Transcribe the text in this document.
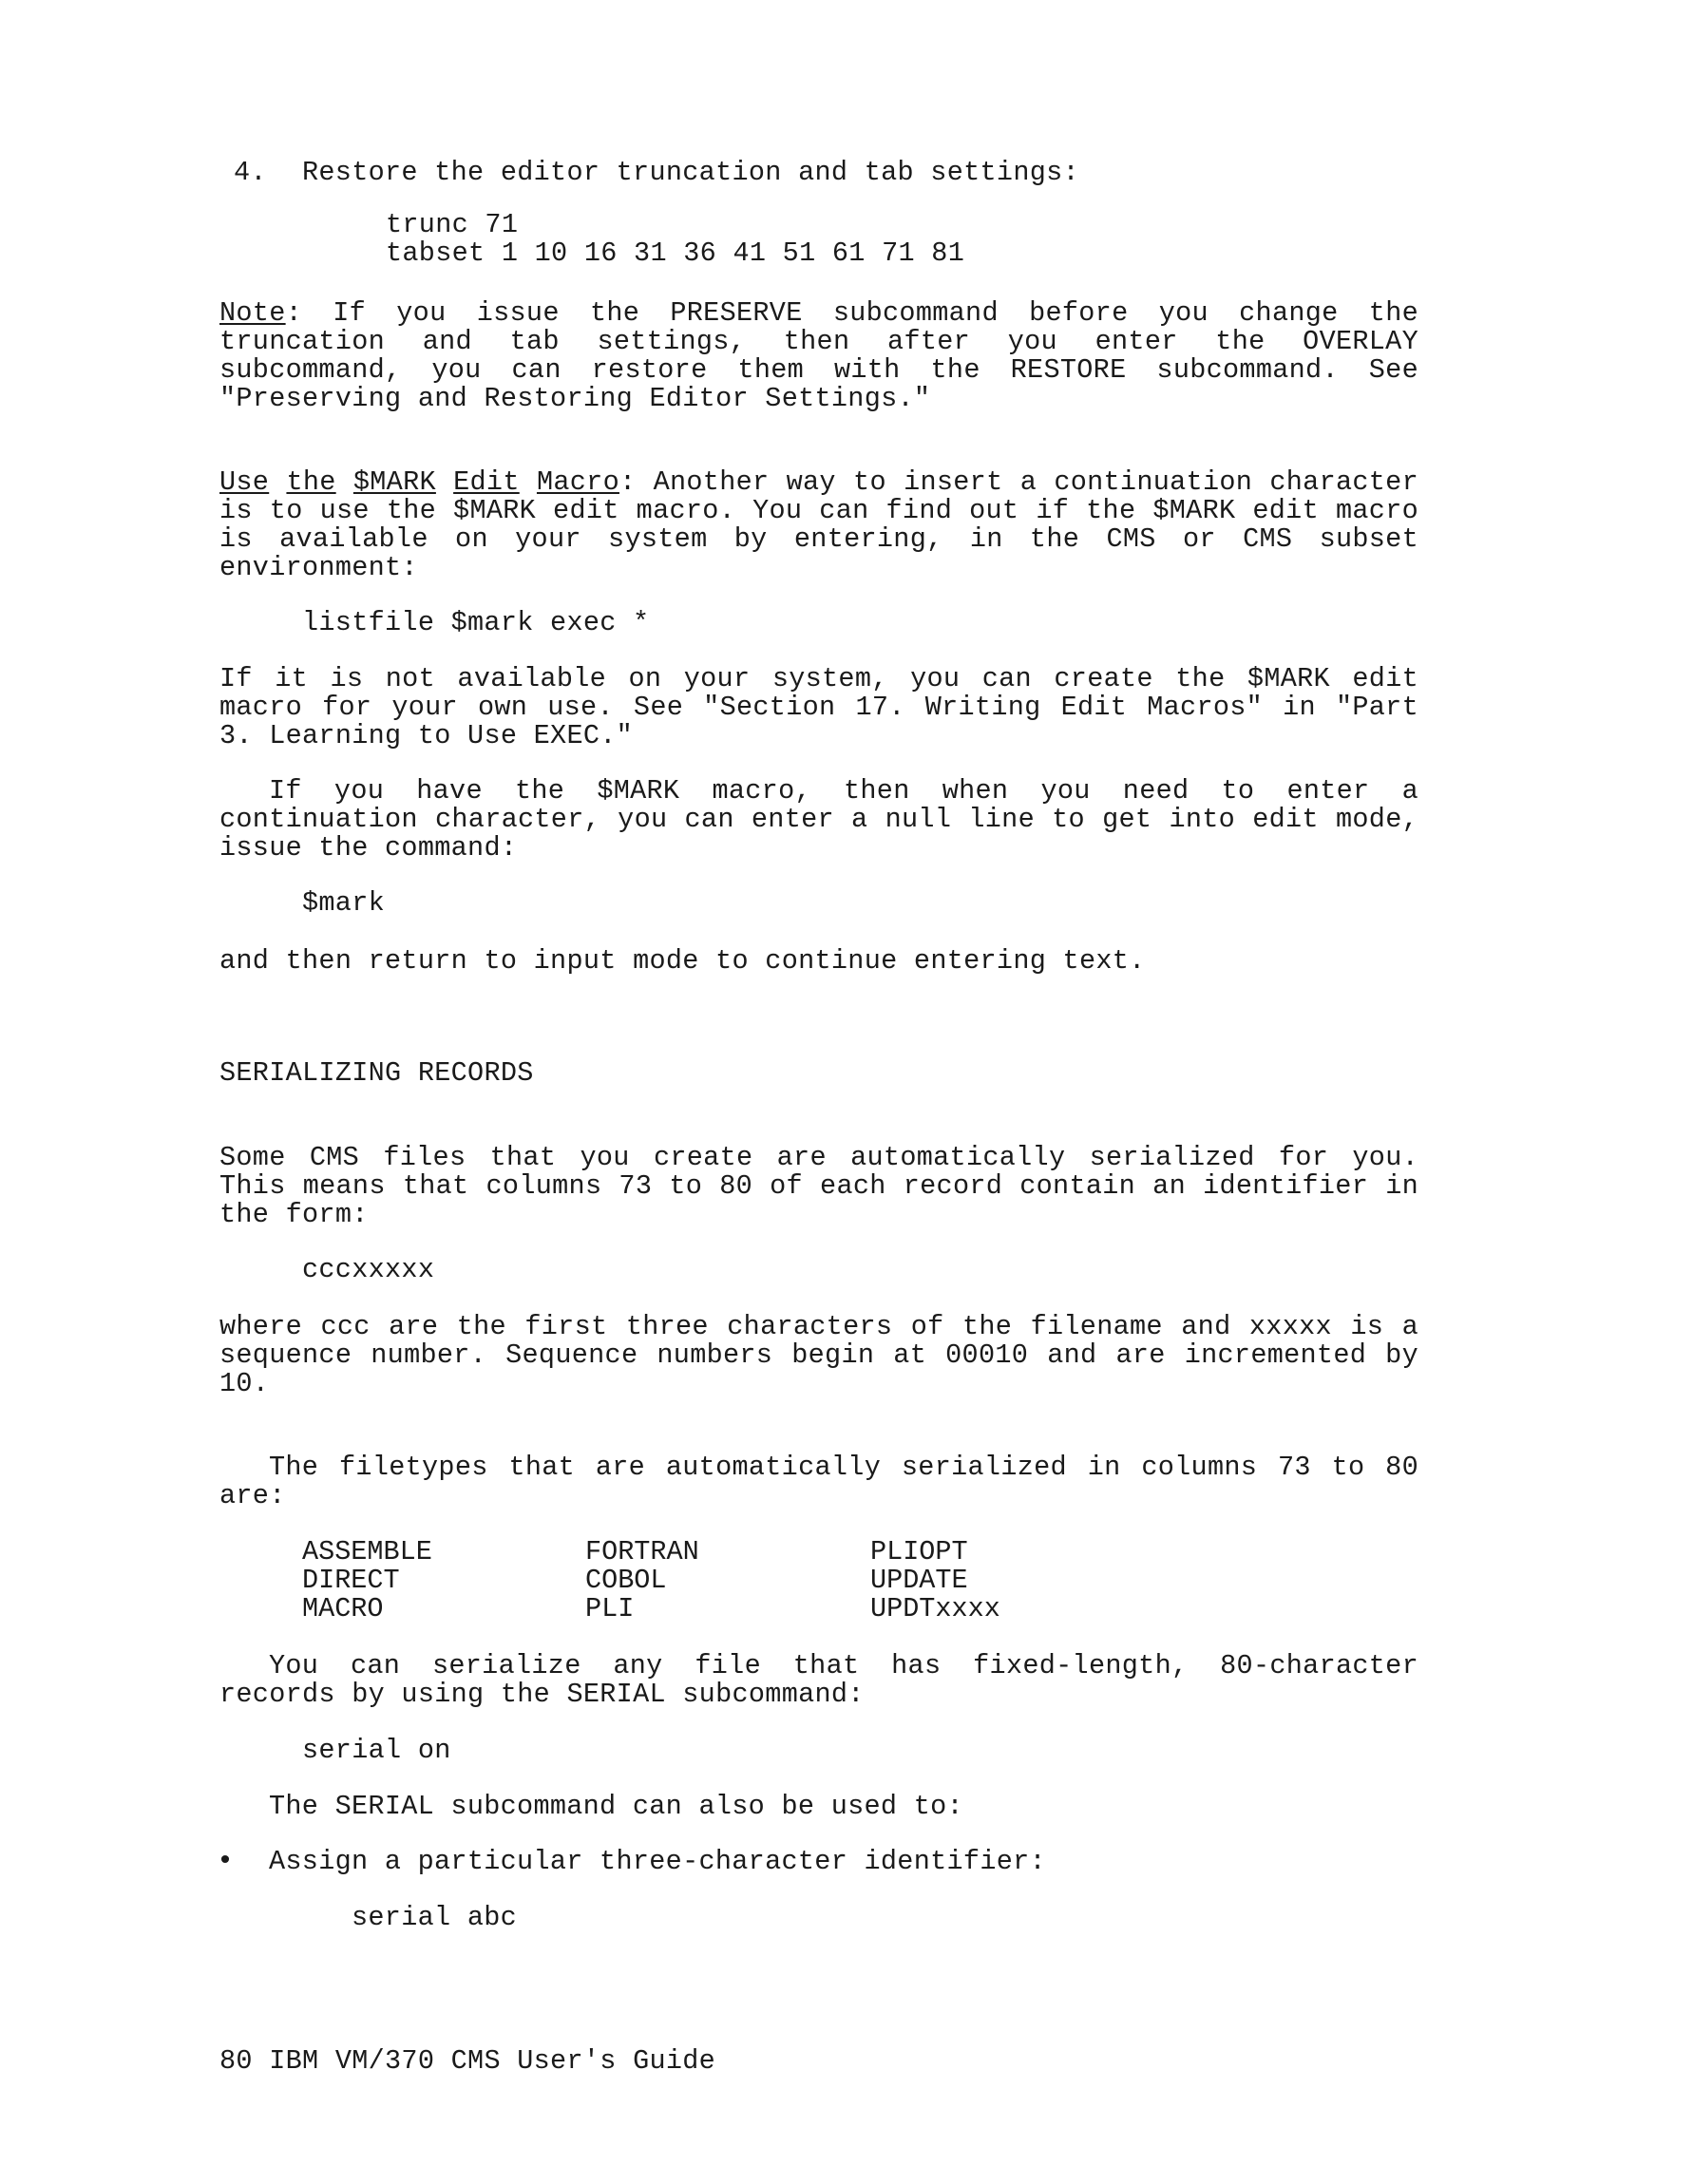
4. Restore the editor truncation and tab settings:
trunc 71
tabset 1 10 16 31 36 41 51 61 71 81
Note: If you issue the PRESERVE subcommand before you change the
truncation and tab settings, then after you enter the OVERLAY
subcommand, you can restore them with the RESTORE subcommand. See
"Preserving and Restoring Editor Settings."
Use the $MARK Edit Macro: Another way to insert a continuation character
is to use the $MARK edit macro. You can find out if the $MARK edit macro
is available on your system by entering, in the CMS or CMS subset
environment:
listfile $mark exec *
If it is not available on your system, you can create the $MARK edit
macro for your own use. See "Section 17. Writing Edit Macros" in "Part
3. Learning to Use EXEC."
If you have the $MARK macro, then when you need to enter a
continuation character, you can enter a null line to get into edit mode,
issue the command:
$mark
and then return to input mode to continue entering text.
SERIALIZING RECORDS
Some CMS files that you create are automatically serialized for you.
This means that columns 73 to 80 of each record contain an identifier in
the form:
cccxxxxx
where ccc are the first three characters of the filename and xxxxx is a
sequence number. Sequence numbers begin at 00010 and are incremented by
10.
The filetypes that are automatically serialized in columns 73 to 80
are:
ASSEMBLE
DIRECT
MACRO
FORTRAN
COBOL
PLI
PLIOPT
UPDATE
UPDTxxxx
You can serialize any file that has fixed-length, 80-character
records by using the SERIAL subcommand:
serial on
The SERIAL subcommand can also be used to:
• Assign a particular three-character identifier:
serial abc
80 IBM VM/370 CMS User's Guide
